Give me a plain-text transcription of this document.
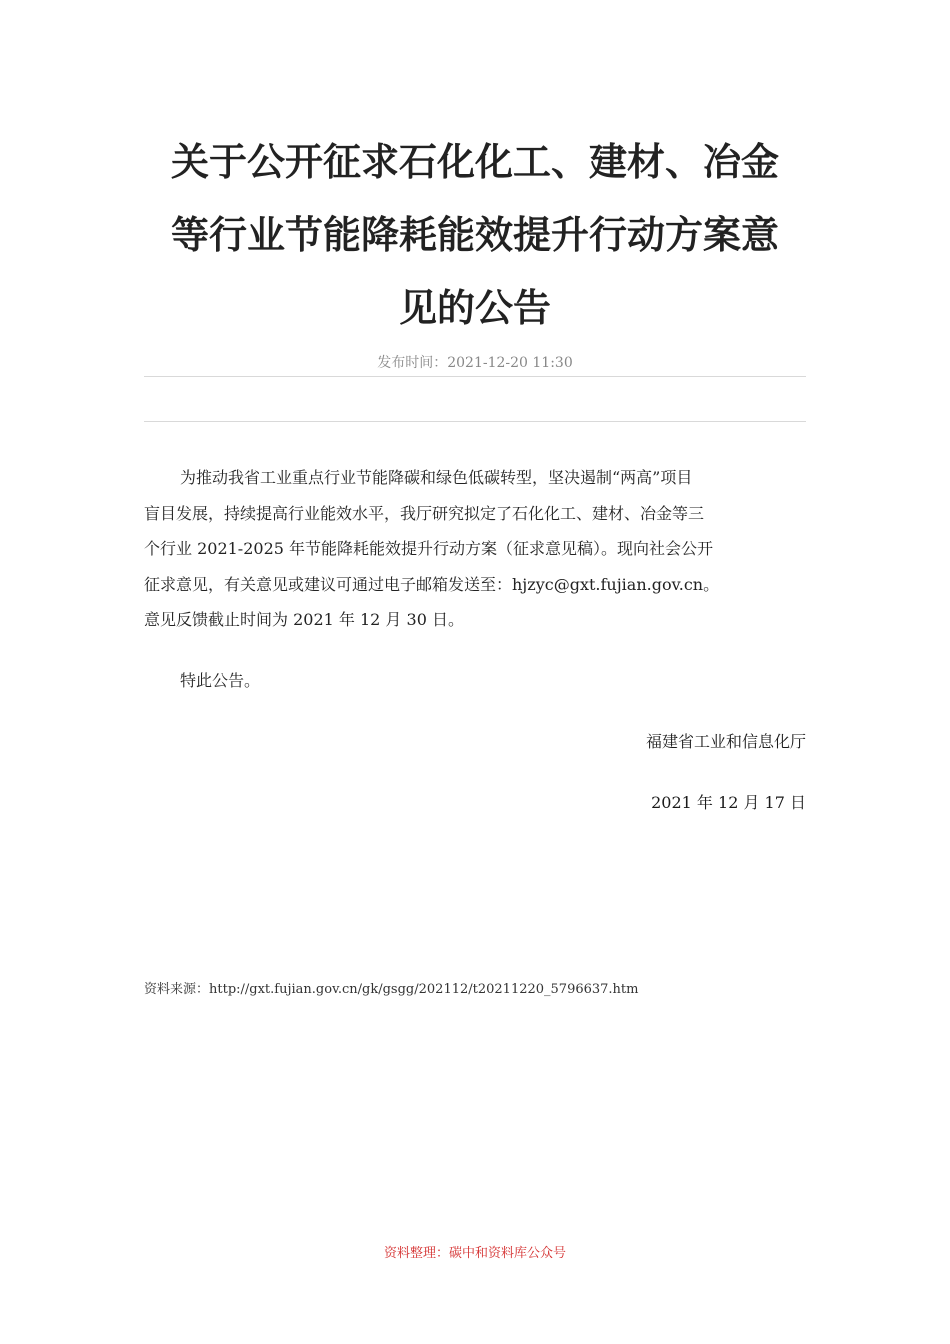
关于公开征求石化化工、建材、冶金
等行业节能降耗能效提升行动方案意
见的公告
发布时间：2021-12-20 11:30

为推动我省工业重点行业节能降碳和绿色低碳转型，坚决遏制“两高”项目
盲目发展，持续提高行业能效水平，我厅研究拟定了石化化工、建材、冶金等三
个行业 2021-2025 年节能降耗能效提升行动方案（征求意见稿）。现向社会公开
征求意见，有关意见或建议可通过电子邮箱发送至：hjzyc@gxt.fujian.gov.cn。
意见反馈截止时间为 2021 年 12 月 30 日。

特此公告。

福建省工业和信息化厅
2021 年 12 月 17 日
资料来源：http://gxt.fujian.gov.cn/gk/gsgg/202112/t20211220_5796637.htm
资料整理：碳中和资料库公众号
